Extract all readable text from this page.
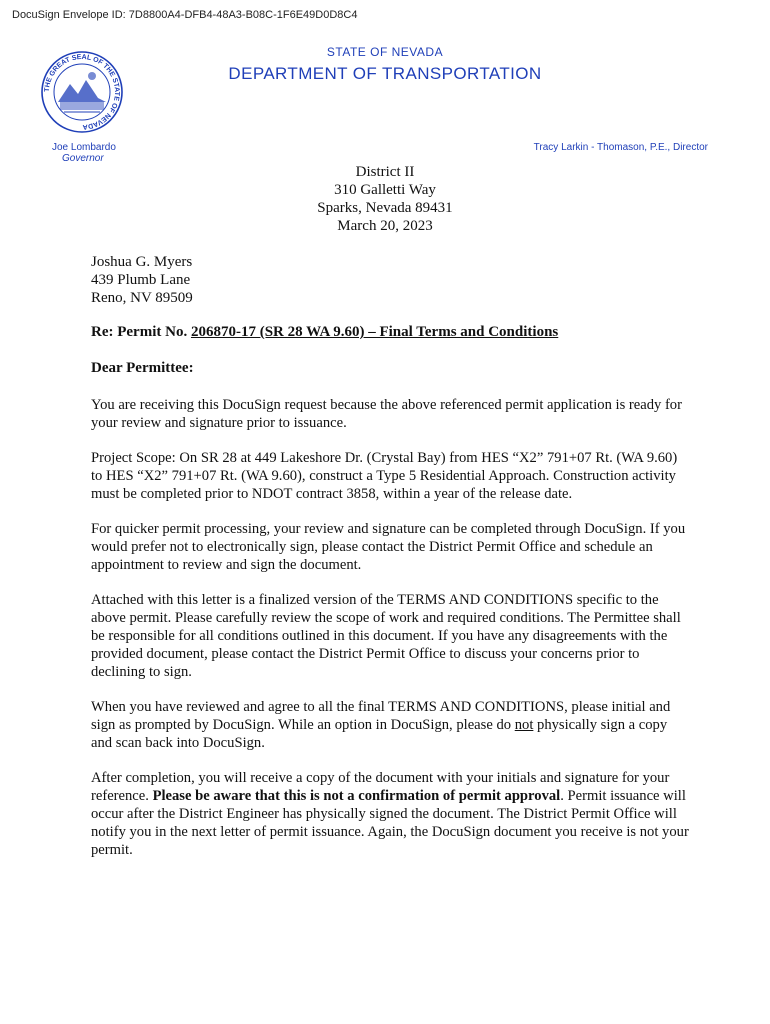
DocuSign Envelope ID: 7D8800A4-DFB4-48A3-B08C-1F6E49D0D8C4
THE GREAT SEAL OF THE STATE OF NEVADA
STATE OF NEVADA
DEPARTMENT OF TRANSPORTATION
Joe Lombardo
Governor
Tracy Larkin - Thomason, P.E., Director
District II
310 Galletti Way
Sparks, Nevada 89431
March 20, 2023
Joshua G. Myers
439 Plumb Lane
Reno, NV 89509
Re: Permit No. 206870-17 (SR 28 WA 9.60) – Final Terms and Conditions
Dear Permittee:

You are receiving this DocuSign request because the above referenced permit application is ready for your review and signature prior to issuance.

Project Scope: On SR 28 at 449 Lakeshore Dr. (Crystal Bay) from HES “X2” 791+07 Rt. (WA 9.60) to HES “X2” 791+07 Rt. (WA 9.60), construct a Type 5 Residential Approach. Construction activity must be completed prior to NDOT contract 3858, within a year of the release date.

For quicker permit processing, your review and signature can be completed through DocuSign. If you would prefer not to electronically sign, please contact the District Permit Office and schedule an appointment to review and sign the document.

Attached with this letter is a finalized version of the TERMS AND CONDITIONS specific to the above permit. Please carefully review the scope of work and required conditions. The Permittee shall be responsible for all conditions outlined in this document. If you have any disagreements with the provided document, please contact the District Permit Office to discuss your concerns prior to declining to sign.

When you have reviewed and agree to all the final TERMS AND CONDITIONS, please initial and sign as prompted by DocuSign. While an option in DocuSign, please do not physically sign a copy and scan back into DocuSign.

After completion, you will receive a copy of the document with your initials and signature for your reference. Please be aware that this is not a confirmation of permit approval. Permit issuance will occur after the District Engineer has physically signed the document. The District Permit Office will notify you in the next letter of permit issuance. Again, the DocuSign document you receive is not your permit.
